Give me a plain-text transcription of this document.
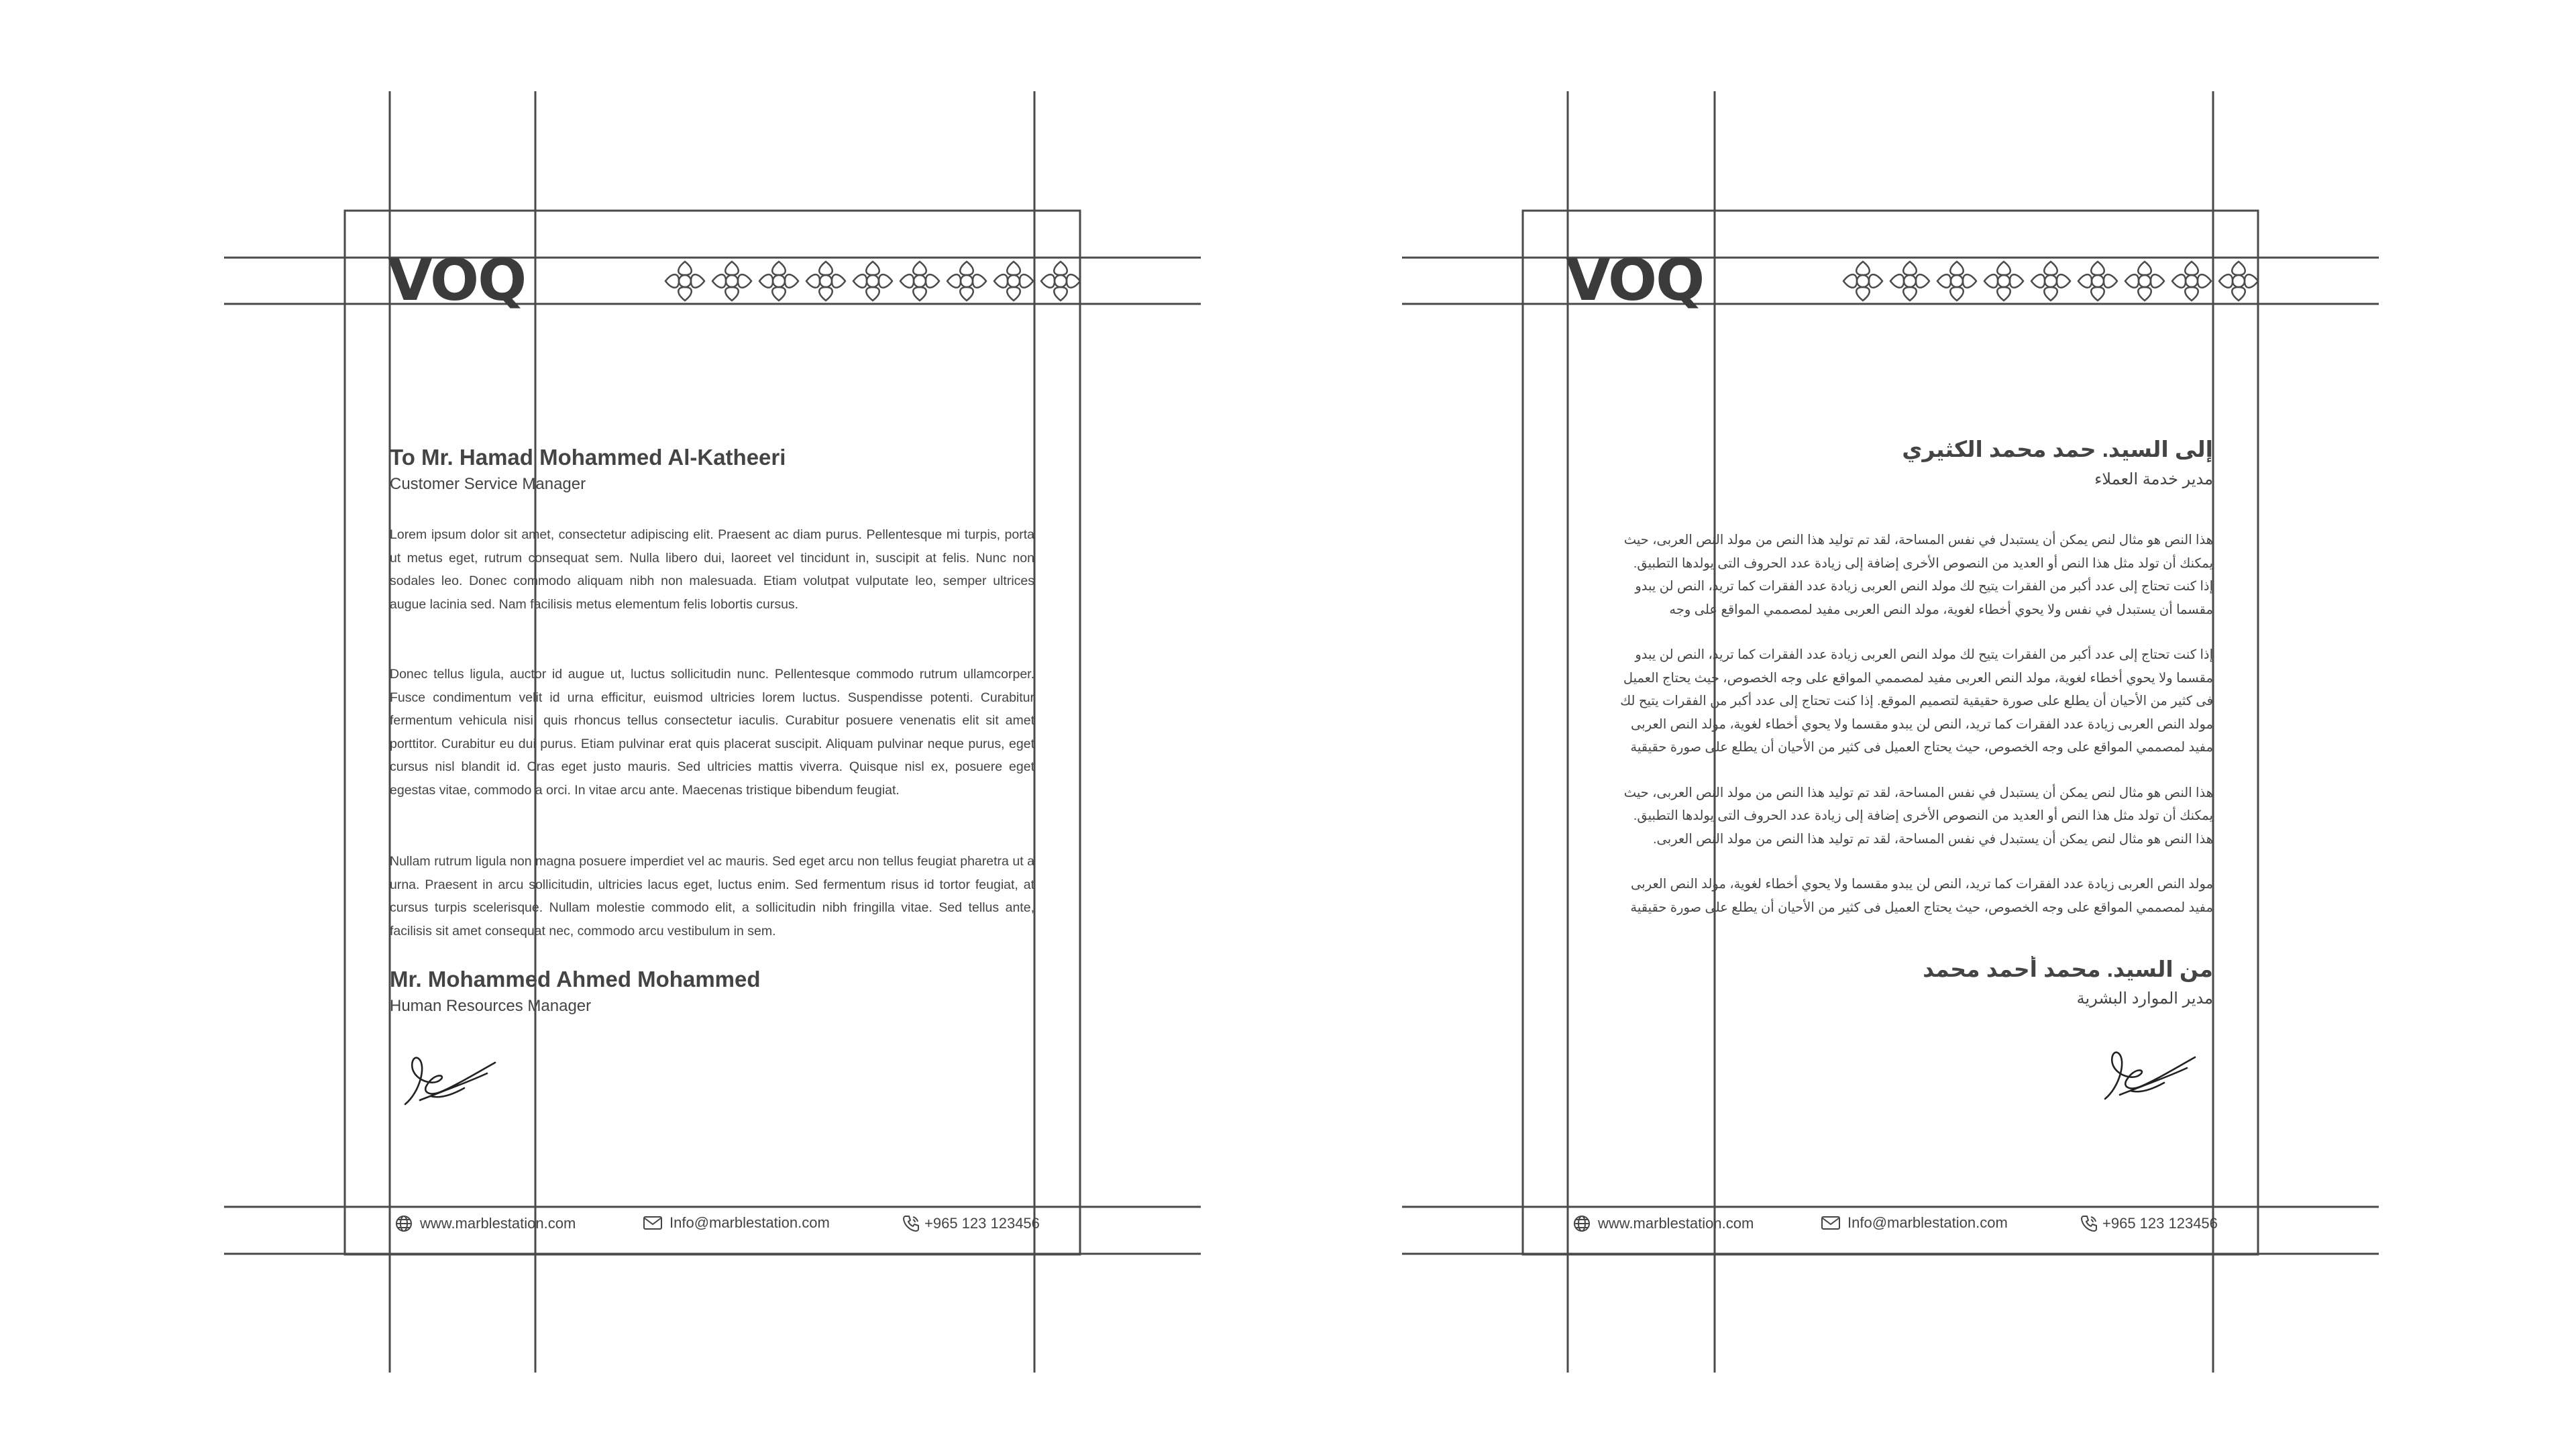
VOQ
To Mr. Hamad Mohammed Al-Katheeri
Customer Service Manager

Lorem ipsum dolor sit amet, consectetur adipiscing elit. Praesent ac diam purus. Pellentesque mi turpis, porta ut metus eget, rutrum consequat sem. Nulla libero dui, laoreet vel tincidunt in, suscipit at felis. Nunc non sodales leo. Donec commodo aliquam nibh non malesuada. Etiam volutpat vulputate leo, semper ultrices augue lacinia sed. Nam facilisis metus elementum felis lobortis cursus.

Donec tellus ligula, auctor id augue ut, luctus sollicitudin nunc. Pellentesque commodo rutrum ullamcorper. Fusce condimentum velit id urna efficitur, euismod ultricies lorem luctus. Suspendisse potenti. Curabitur fermentum vehicula nisi, quis rhoncus tellus consectetur iaculis. Curabitur posuere venenatis elit sit amet porttitor. Curabitur eu dui purus. Etiam pulvinar erat quis placerat suscipit. Aliquam pulvinar neque purus, eget cursus nisl blandit id. Cras eget justo mauris. Sed ultricies mattis viverra. Quisque nisl ex, posuere eget egestas vitae, commodo a orci. In vitae arcu ante. Maecenas tristique bibendum feugiat.

Nullam rutrum ligula non magna posuere imperdiet vel ac mauris. Sed eget arcu non tellus feugiat pharetra ut a urna. Praesent in arcu sollicitudin, ultricies lacus eget, luctus enim. Sed fermentum risus id tortor feugiat, at cursus turpis scelerisque. Nullam molestie commodo elit, a sollicitudin nibh fringilla vitae. Sed tellus ante, facilisis sit amet consequat nec, commodo arcu vestibulum in sem.

Mr. Mohammed Ahmed Mohammed
Human Resources Manager
www.marblestation.com	Info@marblestation.com	+965 123 123456
VOQ
إلى السيد. حمد محمد الكثيري
مدير خدمة العملاء
هذا النص هو مثال لنص يمكن أن يستبدل في نفس المساحة، لقد تم توليد هذا النص من مولد النص العربى، حيث
يمكنك أن تولد مثل هذا النص أو العديد من النصوص الأخرى إضافة إلى زيادة عدد الحروف التى يولدها التطبيق.
إذا كنت تحتاج إلى عدد أكبر من الفقرات يتيح لك مولد النص العربى زيادة عدد الفقرات كما تريد، النص لن يبدو
مقسما أن يستبدل في نفس ولا يحوي أخطاء لغوية، مولد النص العربى مفيد لمصممي المواقع على وجه
إذا كنت تحتاج إلى عدد أكبر من الفقرات يتيح لك مولد النص العربى زيادة عدد الفقرات كما تريد، النص لن يبدو
مقسما ولا يحوي أخطاء لغوية، مولد النص العربى مفيد لمصممي المواقع على وجه الخصوص، حيث يحتاج العميل
فى كثير من الأحيان أن يطلع على صورة حقيقية لتصميم الموقع. إذا كنت تحتاج إلى عدد أكبر من الفقرات يتيح لك
مولد النص العربى زيادة عدد الفقرات كما تريد، النص لن يبدو مقسما ولا يحوي أخطاء لغوية، مولد النص العربى
مفيد لمصممي المواقع على وجه الخصوص، حيث يحتاج العميل فى كثير من الأحيان أن يطلع على صورة حقيقية
هذا النص هو مثال لنص يمكن أن يستبدل في نفس المساحة، لقد تم توليد هذا النص من مولد النص العربى، حيث
يمكنك أن تولد مثل هذا النص أو العديد من النصوص الأخرى إضافة إلى زيادة عدد الحروف التى يولدها التطبيق.
هذا النص هو مثال لنص يمكن أن يستبدل في نفس المساحة، لقد تم توليد هذا النص من مولد النص العربى.
مولد النص العربى زيادة عدد الفقرات كما تريد، النص لن يبدو مقسما ولا يحوي أخطاء لغوية، مولد النص العربى
مفيد لمصممي المواقع على وجه الخصوص، حيث يحتاج العميل فى كثير من الأحيان أن يطلع على صورة حقيقية
من السيد. محمد أحمد محمد
مدير الموارد البشرية
www.marblestation.com	Info@marblestation.com	+965 123 123456
